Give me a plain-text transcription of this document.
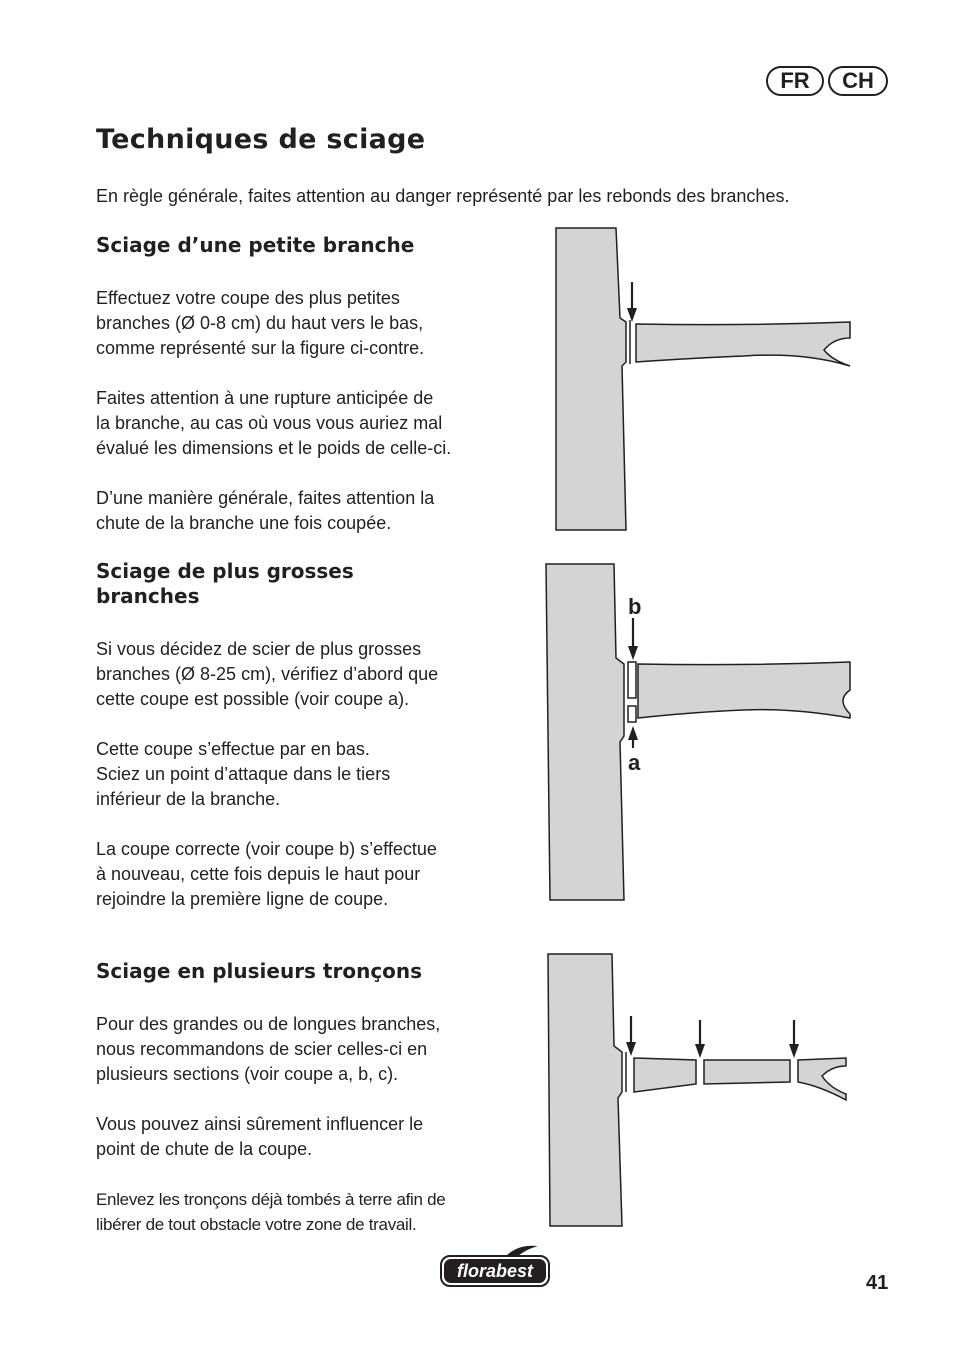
FR	CH
Techniques de sciage

En règle générale, faites attention au danger représenté par les rebonds des branches.

Sciage d’une petite branche

Effectuez votre coupe des plus petites
branches (Ø 0-8 cm) du haut vers le bas,
comme représenté sur la figure ci-contre.

Faites attention à une rupture anticipée de
la branche, au cas où vous vous auriez mal
évalué les dimensions et le poids de celle-ci.

D’une manière générale, faites attention la
chute de la branche une fois coupée.

Sciage de plus grosses
branches

Si vous décidez de scier de plus grosses
branches (Ø 8-25 cm), vérifiez d’abord que
cette coupe est possible (voir coupe a).

Cette coupe s’effectue par en bas.
Sciez un point d’attaque dans le tiers
inférieur de la branche.

La coupe correcte (voir coupe b) s’effectue
à nouveau, cette fois depuis le haut pour
rejoindre la première ligne de coupe.

Sciage en plusieurs tronçons

Pour des grandes ou de longues branches,
nous recommandons de scier celles-ci en
plusieurs sections (voir coupe a, b, c).

Vous pouvez ainsi sûrement influencer le
point de chute de la coupe.

Enlevez les tronçons déjà tombés à terre afin de
libérer de tout obstacle votre zone de travail.

b
a
florabest
41
